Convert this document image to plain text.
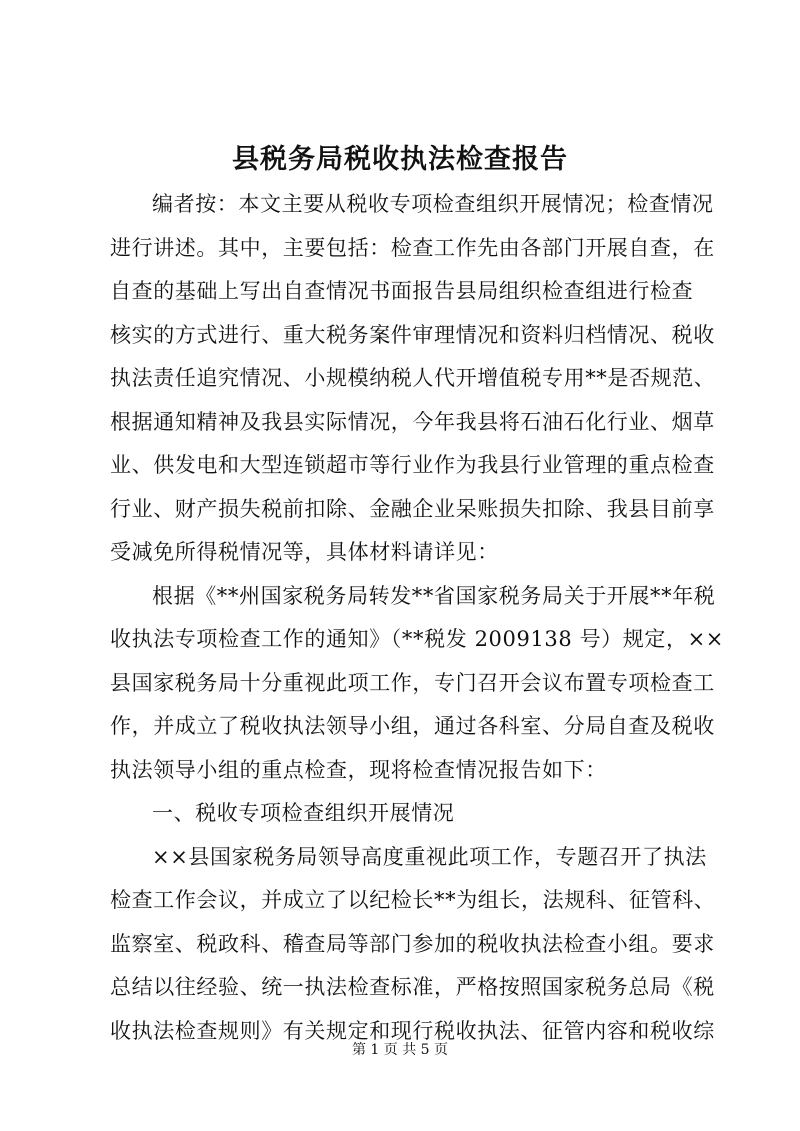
县税务局税收执法检查报告

编者按：本文主要从税收专项检查组织开展情况；检查情况
进行讲述。其中，主要包括：检查工作先由各部门开展自查，在
自查的基础上写出自查情况书面报告县局组织检查组进行检查
核实的方式进行、重大税务案件审理情况和资料归档情况、税收
执法责任追究情况、小规模纳税人代开增值税专用**是否规范、
根据通知精神及我县实际情况，今年我县将石油石化行业、烟草
业、供发电和大型连锁超市等行业作为我县行业管理的重点检查
行业、财产损失税前扣除、金融企业呆账损失扣除、我县目前享
受减免所得税情况等，具体材料请详见：

根据《**州国家税务局转发**省国家税务局关于开展**年税
收执法专项检查工作的通知》（**税发 2009138 号）规定，××
县国家税务局十分重视此项工作，专门召开会议布置专项检查工
作，并成立了税收执法领导小组，通过各科室、分局自查及税收
执法领导小组的重点检查，现将检查情况报告如下：

一、税收专项检查组织开展情况

××县国家税务局领导高度重视此项工作，专题召开了执法
检查工作会议，并成立了以纪检长**为组长，法规科、征管科、
监察室、税政科、稽查局等部门参加的税收执法检查小组。要求
总结以往经验、统一执法检查标准，严格按照国家税务总局《税
收执法检查规则》有关规定和现行税收执法、征管内容和税收综

第 1 页 共 5 页
